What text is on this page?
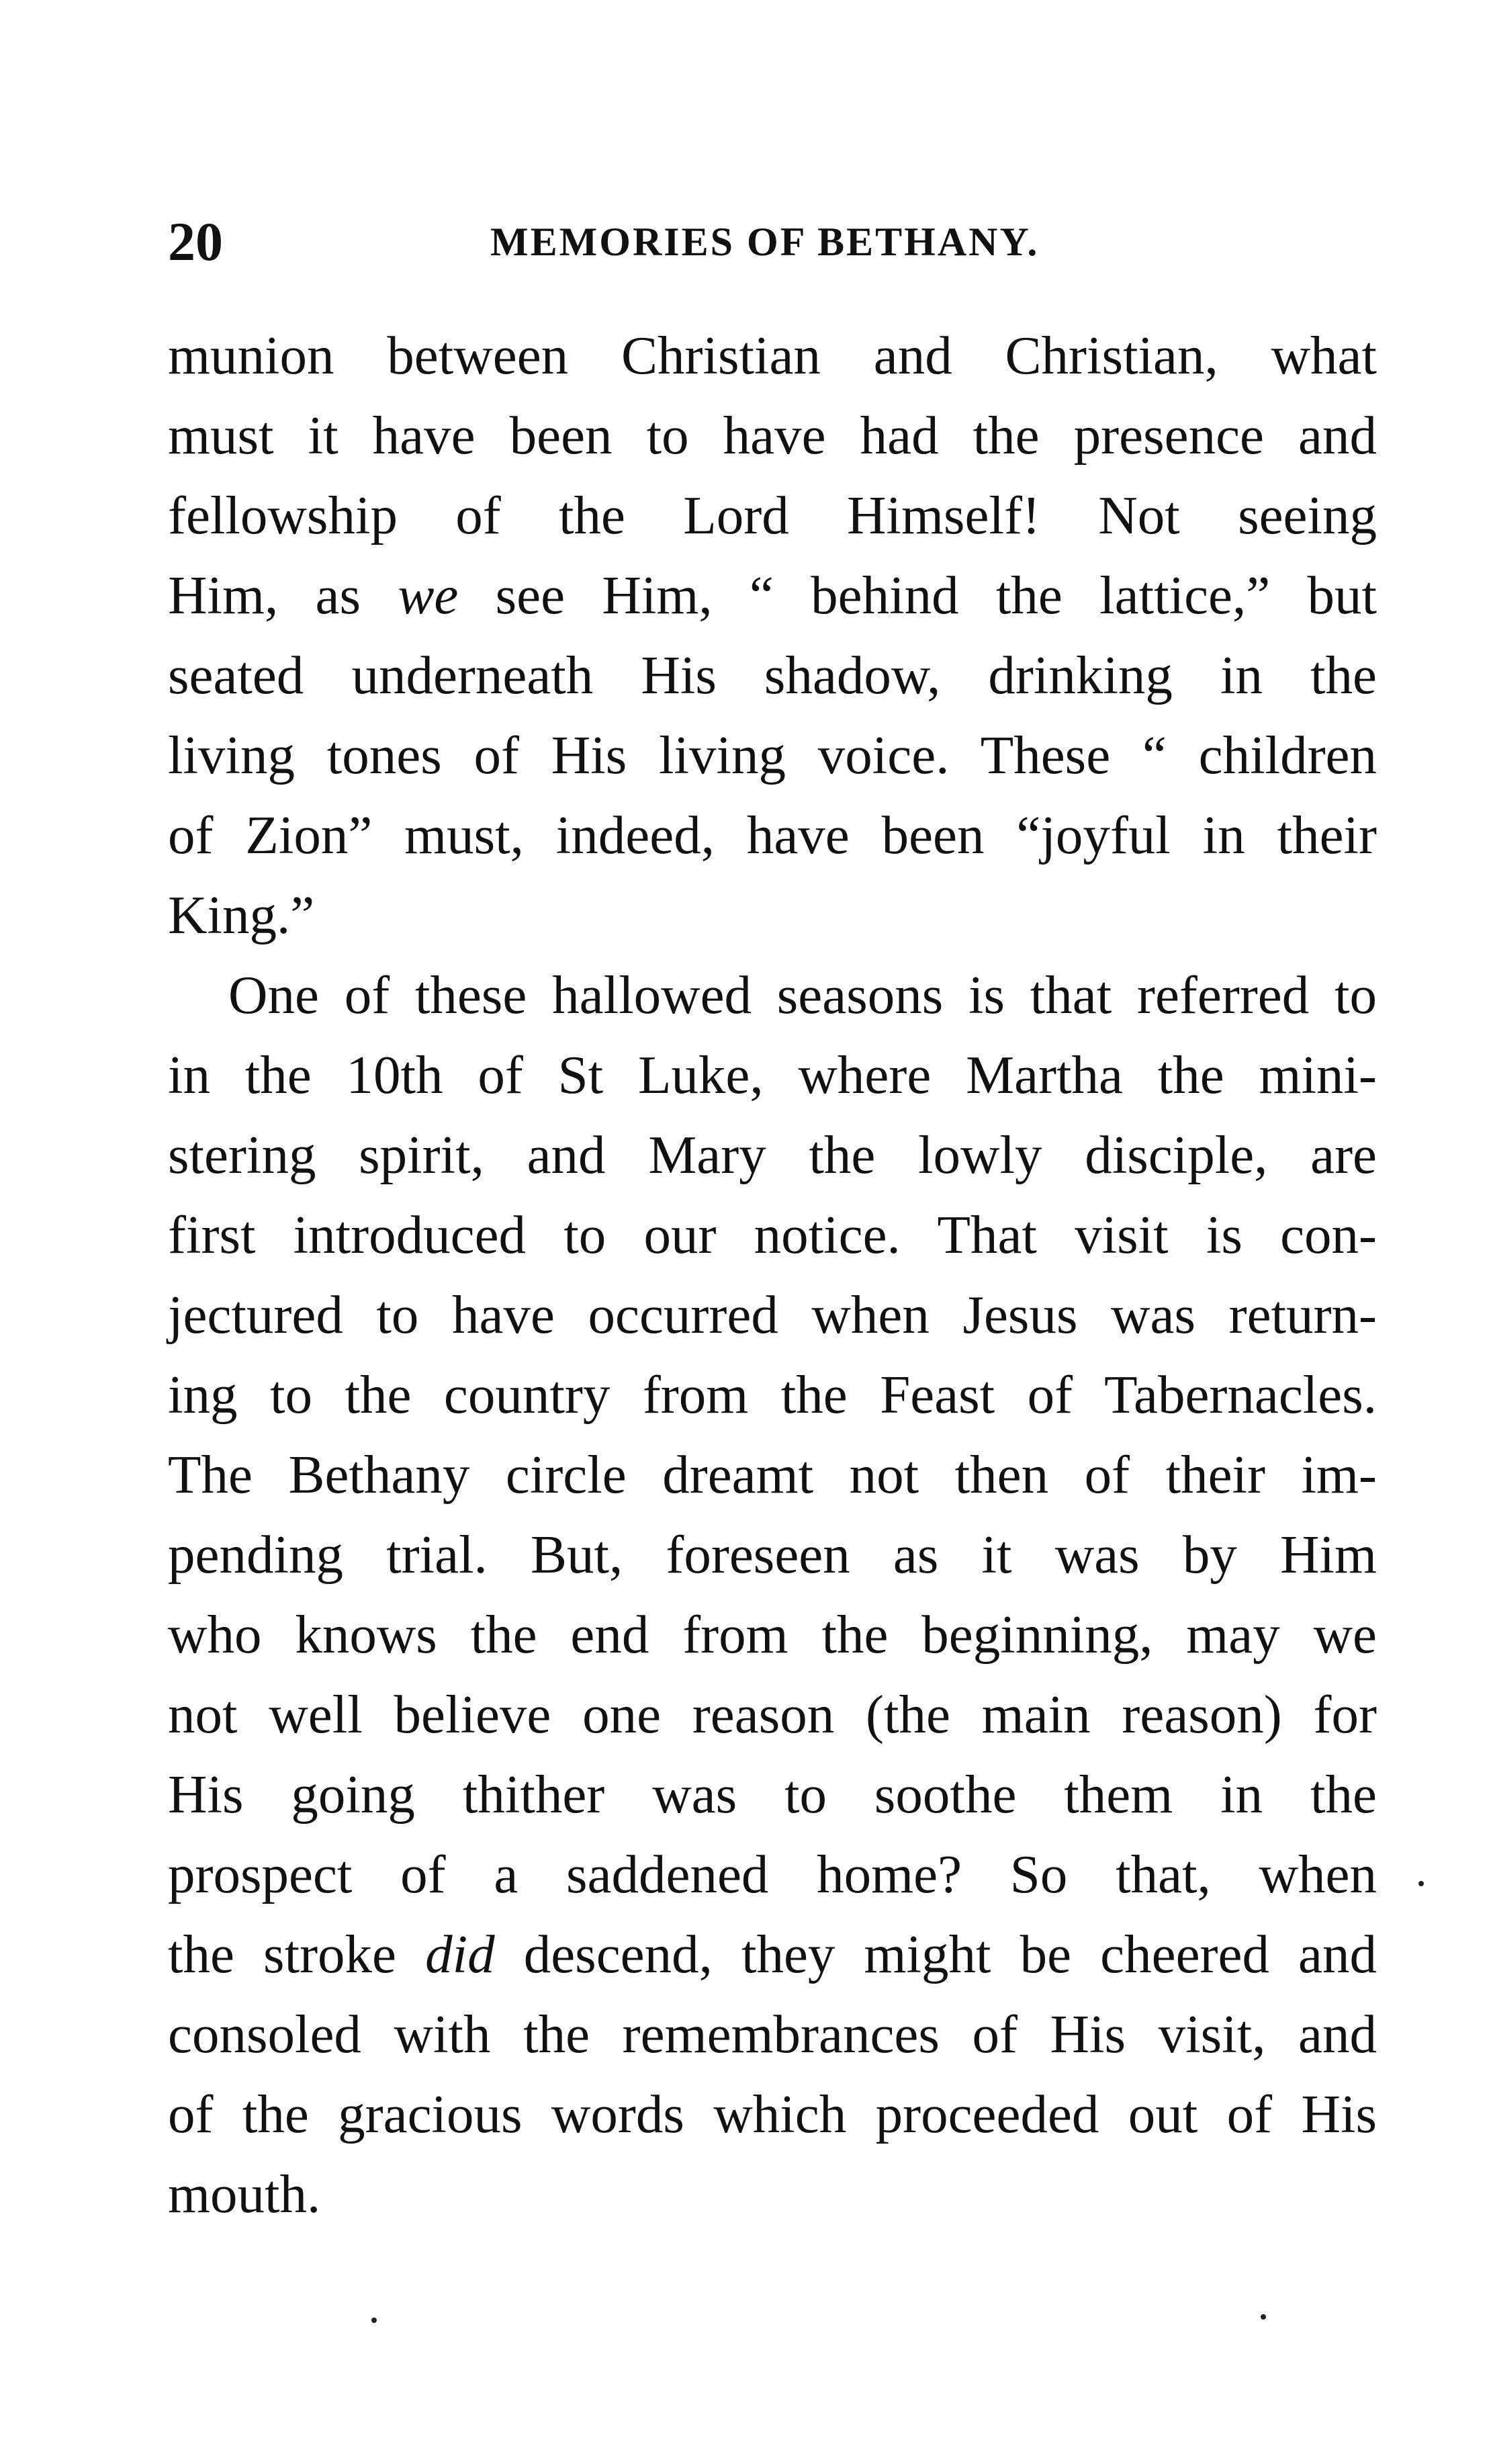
20	MEMORIES OF BETHANY.
munion between Christian and Christian, what
must it have been to have had the presence and
fellowship of the Lord Himself! Not seeing
Him, as we see Him, “ behind the lattice,” but
seated underneath His shadow, drinking in the
living tones of His living voice. These “ children
of Zion” must, indeed, have been “joyful in their
King.”
One of these hallowed seasons is that referred to
in the 10th of St Luke, where Martha the mini-
stering spirit, and Mary the lowly disciple, are
first introduced to our notice. That visit is con-
jectured to have occurred when Jesus was return-
ing to the country from the Feast of Tabernacles.
The Bethany circle dreamt not then of their im-
pending trial. But, foreseen as it was by Him
who knows the end from the beginning, may we
not well believe one reason (the main reason) for
His going thither was to soothe them in the
prospect of a saddened home? So that, when
the stroke did descend, they might be cheered and
consoled with the remembrances of His visit, and
of the gracious words which proceeded out of His
mouth.
